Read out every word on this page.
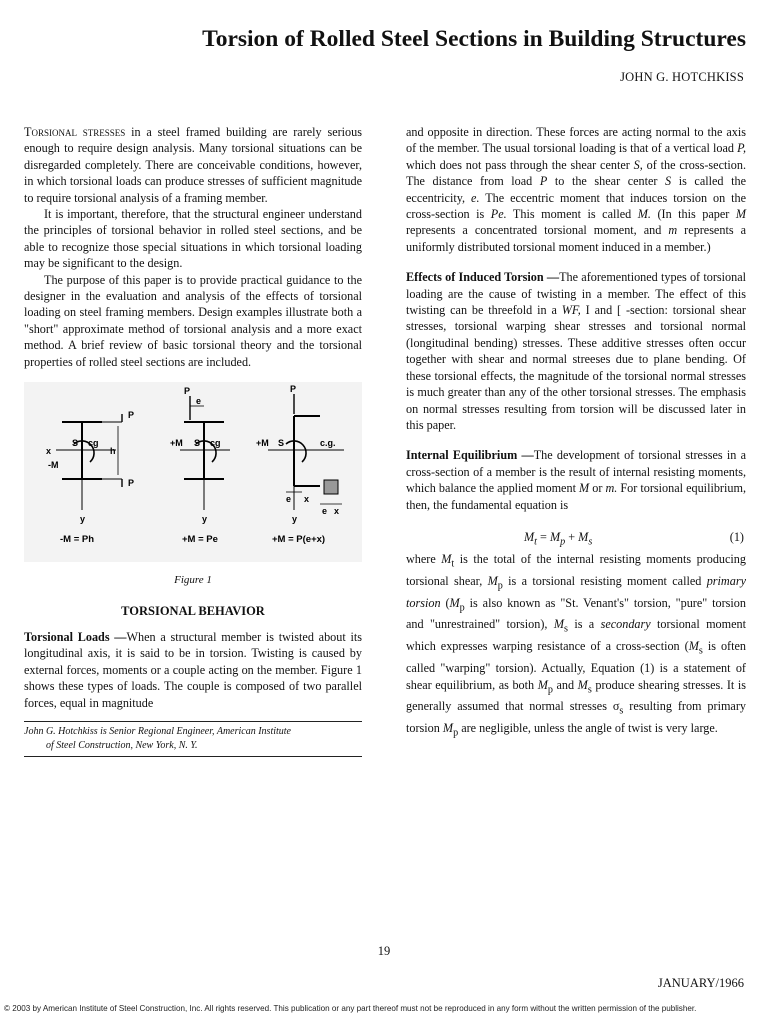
Torsion of Rolled Steel Sections in Building Structures
JOHN G. HOTCHKISS

Torsional stresses in a steel framed building are rarely serious enough to require design analysis. Many torsional situations can be disregarded completely. There are conceivable conditions, however, in which torsional loads can produce stresses of sufficient magnitude to require torsional analysis of a framing member.

It is important, therefore, that the structural engineer understand the principles of torsional behavior in rolled steel sections, and be able to recognize those special situations in which torsional loading may be significant to the design.

The purpose of this paper is to provide practical guidance to the designer in the evaluation and analysis of the effects of torsional loading on steel framing members. Design examples illustrate both a "short" approximate method of torsional analysis and a more exact method. A brief review of basic torsional theory and the torsional properties of rolled steel sections are included.

P
x
-M
S cg
h
P
y
-M = Ph
P
e
+M S cg
y
+M = Pe
P
+M S	c.g.
e x
y
e x
+M = P(e+x)
Figure 1
TORSIONAL BEHAVIOR

Torsional Loads —When a structural member is twisted about its longitudinal axis, it is said to be in torsion. Twisting is caused by external forces, moments or a couple acting on the member. Figure 1 shows these types of loads. The couple is composed of two parallel forces, equal in magnitude

John G. Hotchkiss is Senior Regional Engineer, American Institute
of Steel Construction, New York, N. Y.

and opposite in direction. These forces are acting normal to the axis of the member. The usual torsional loading is that of a vertical load P, which does not pass through the shear center S, of the cross-section. The distance from load P to the shear center S is called the eccentricity, e. The eccentric moment that induces torsion on the cross-section is Pe. This moment is called M. (In this paper M represents a concentrated torsional moment, and m represents a uniformly distributed torsional moment induced in a member.)

Effects of Induced Torsion —The aforementioned types of torsional loading are the cause of twisting in a member. The effect of this twisting can be threefold in a WF, I and [ -section: torsional shear stresses, torsional warping shear stresses and torsional normal (longitudinal bending) stresses. These additive stresses often occur together with shear and normal streeses due to plane bending. Of these torsional effects, the magnitude of the torsional normal stresses is much greater than any of the other torsional stresses. The emphasis on normal stresses resulting from torsion will be discussed later in this paper.

Internal Equilibrium —The development of torsional stresses in a cross-section of a member is the result of internal resisting moments, which balance the applied moment M or m. For torsional equilibrium, then, the fundamental equation is

$M_t = M_p + M_s$	(1)

where $M_t$ is the total of the internal resisting moments producing torsional shear, $M_p$ is a torsional resisting moment called primary torsion ($M_p$ is also known as "St. Venant's" torsion, "pure" torsion and "unrestrained" torsion), $M_s$ is a secondary torsional moment which expresses warping resistance of a cross-section ($M_s$ is often called "warping" torsion). Actually, Equation (1) is a statement of shear equilibrium, as both $M_p$ and $M_s$ produce shearing stresses. It is generally assumed that normal stresses $\sigma_s$ resulting from primary torsion $M_p$ are negligible, unless the angle of twist is very large.

19
JANUARY/1966
© 2003 by American Institute of Steel Construction, Inc. All rights reserved. This publication or any part thereof must not be reproduced in any form without the written permission of the publisher.
